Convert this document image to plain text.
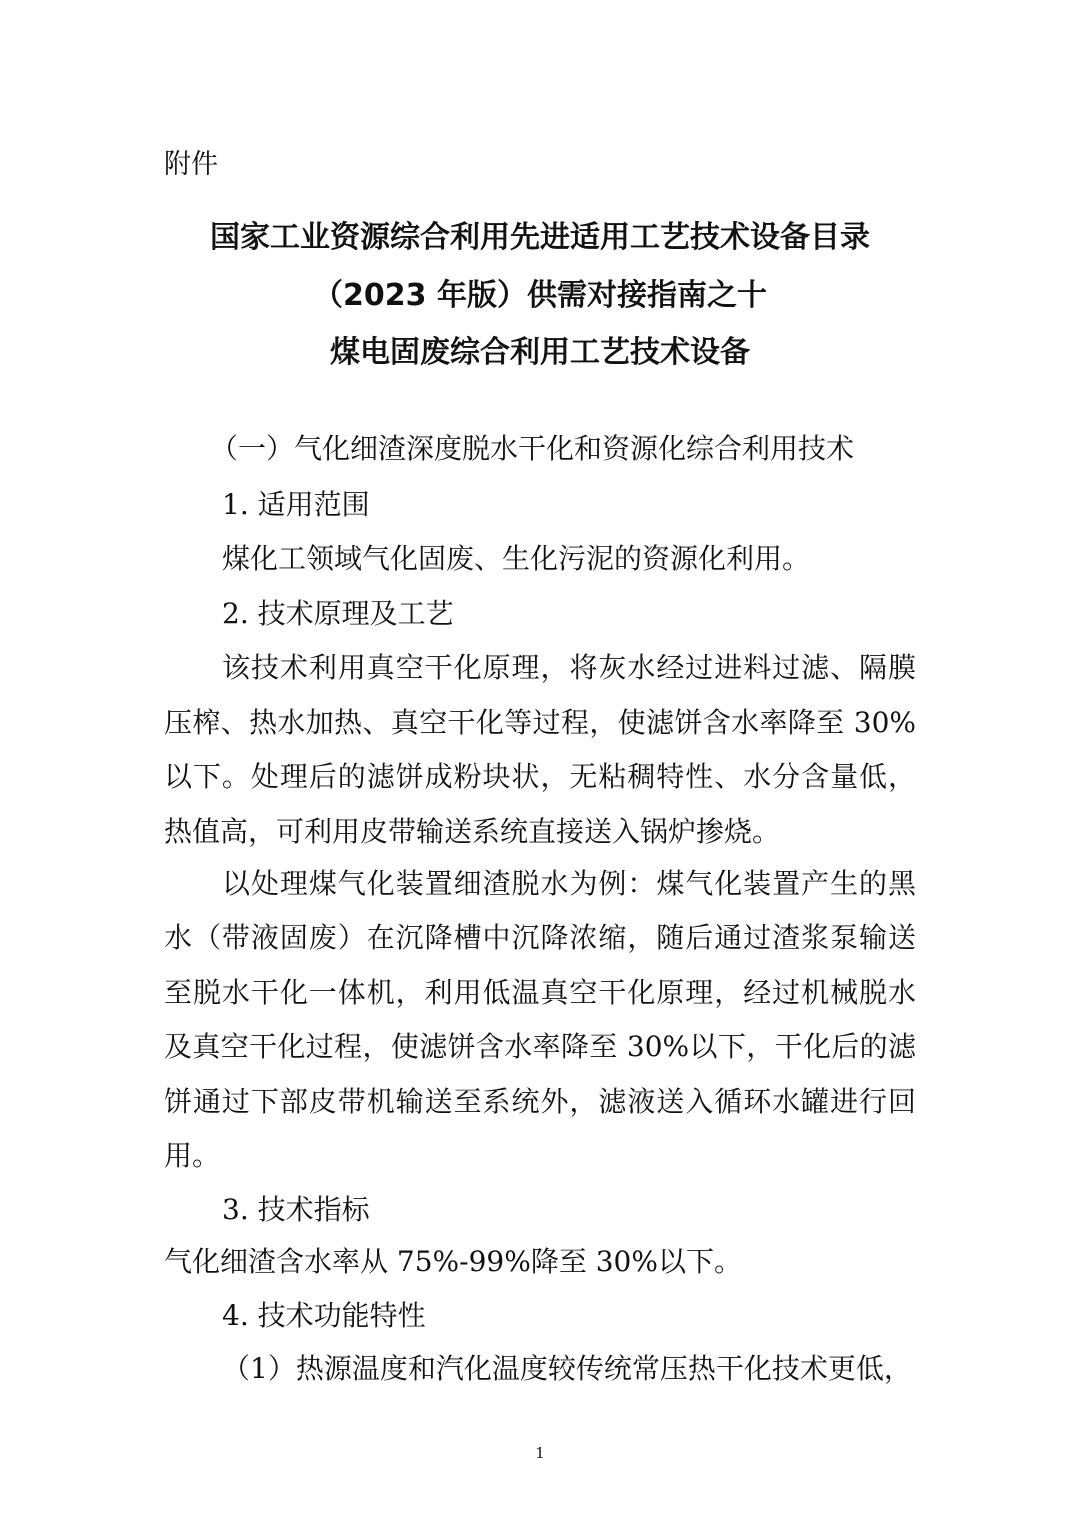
附件
国家工业资源综合利用先进适用工艺技术设备目录
（2023 年版）供需对接指南之十
煤电固废综合利用工艺技术设备
（一）气化细渣深度脱水干化和资源化综合利用技术
1. 适用范围
煤化工领域气化固废、生化污泥的资源化利用。
2. 技术原理及工艺
该技术利用真空干化原理，将灰水经过进料过滤、隔膜
压榨、热水加热、真空干化等过程，使滤饼含水率降至 30%
以下。处理后的滤饼成粉块状，无粘稠特性、水分含量低，
热值高，可利用皮带输送系统直接送入锅炉掺烧。
以处理煤气化装置细渣脱水为例：煤气化装置产生的黑
水（带液固废）在沉降槽中沉降浓缩，随后通过渣浆泵输送
至脱水干化一体机，利用低温真空干化原理，经过机械脱水
及真空干化过程，使滤饼含水率降至 30%以下，干化后的滤
饼通过下部皮带机输送至系统外，滤液送入循环水罐进行回
用。
3. 技术指标
气化细渣含水率从 75%-99%降至 30%以下。
4. 技术功能特性
（1）热源温度和汽化温度较传统常压热干化技术更低，
1
